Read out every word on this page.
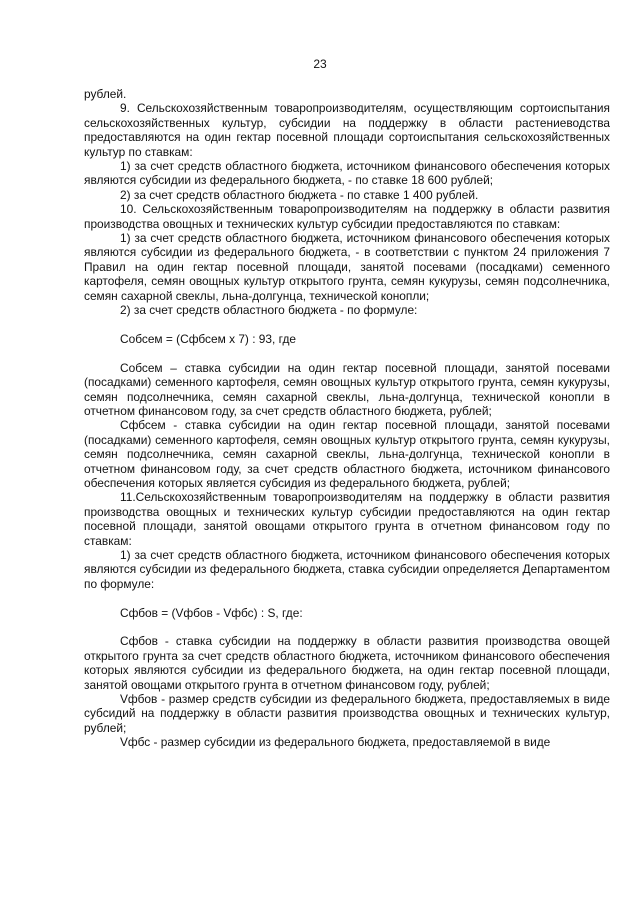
23

рублей.

9. Сельскохозяйственным товаропроизводителям, осуществляющим сортоиспытания сельскохозяйственных культур, субсидии на поддержку в области растениеводства предоставляются на один гектар посевной площади сортоиспытания сельскохозяйственных культур по ставкам:

1) за счет средств областного бюджета, источником финансового обеспечения которых являются субсидии из федерального бюджета, - по ставке 18 600 рублей;

2) за счет средств областного бюджета - по ставке 1 400 рублей.

10. Сельскохозяйственным товаропроизводителям на поддержку в области развития производства овощных и технических культур субсидии предоставляются по ставкам:

1) за счет средств областного бюджета, источником финансового обеспечения которых являются субсидии из федерального бюджета, - в соответствии с пунктом 24 приложения 7 Правил на один гектар посевной площади, занятой посевами (посадками) семенного картофеля, семян овощных культур открытого грунта, семян кукурузы, семян подсолнечника, семян сахарной свеклы, льна-долгунца, технической конопли;

2) за счет средств областного бюджета - по формуле:

Собсем = (Сфбсем x 7) : 93, где

Собсем – ставка субсидии на один гектар посевной площади, занятой посевами (посадками) семенного картофеля, семян овощных культур открытого грунта, семян кукурузы, семян подсолнечника, семян сахарной свеклы, льна-долгунца, технической конопли в отчетном финансовом году, за счет средств областного бюджета, рублей;

Сфбсем - ставка субсидии на один гектар посевной площади, занятой посевами (посадками) семенного картофеля, семян овощных культур открытого грунта, семян кукурузы, семян подсолнечника, семян сахарной свеклы, льна-долгунца, технической конопли в отчетном финансовом году, за счет средств областного бюджета, источником финансового обеспечения которых является субсидия из федерального бюджета, рублей;

11.Сельскохозяйственным товаропроизводителям на поддержку в области развития производства овощных и технических культур субсидии предоставляются на один гектар посевной площади, занятой овощами открытого грунта в отчетном финансовом году по ставкам:

1) за счет средств областного бюджета, источником финансового обеспечения которых являются субсидии из федерального бюджета, ставка субсидии определяется Департаментом по формуле:

Сфбов = (Vфбов - Vфбс) : S, где:

Сфбов - ставка субсидии на поддержку в области развития производства овощей открытого грунта за счет средств областного бюджета, источником финансового обеспечения которых являются субсидии из федерального бюджета, на один гектар посевной площади, занятой овощами открытого грунта в отчетном финансовом году, рублей;

Vфбов - размер средств субсидии из федерального бюджета, предоставляемых в виде субсидий на поддержку в области развития производства овощных и технических культур, рублей;

Vфбс - размер субсидии из федерального бюджета, предоставляемой в виде
